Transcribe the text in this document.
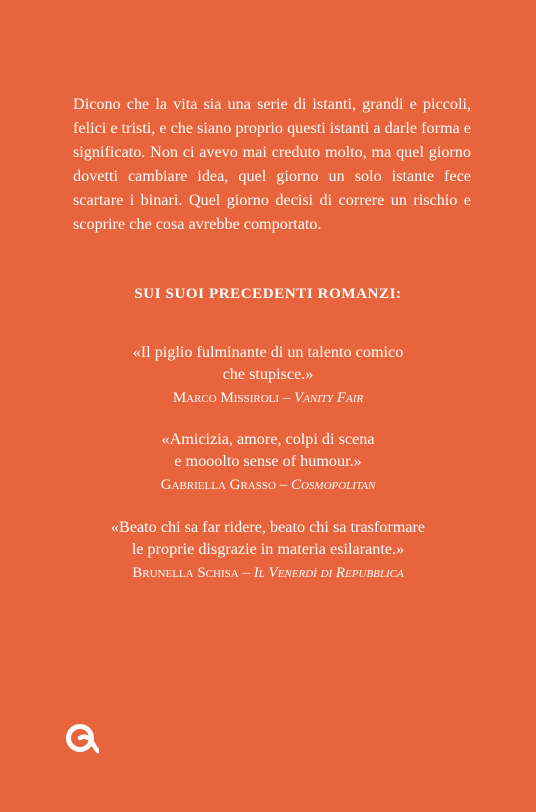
Dicono che la vita sia una serie di istanti, grandi e piccoli, felici e tristi, e che siano proprio questi istanti a darle forma e significato. Non ci avevo mai creduto molto, ma quel giorno dovetti cambiare idea, quel giorno un solo istante fece scartare i binari. Quel giorno decisi di correre un rischio e scoprire che cosa avrebbe comportato.

SUI SUOI PRECEDENTI ROMANZI:

«Il piglio fulminante di un talento comico
che stupisce.»

Marco Missiroli – Vanity Fair

«Amicizia, amore, colpi di scena
e mooolto sense of humour.»

Gabriella Grasso – Cosmopolitan

«Beato chi sa far ridere, beato chi sa trasformare
le proprie disgrazie in materia esilarante.»

Brunella Schisa – Il Venerdì di Repubblica
